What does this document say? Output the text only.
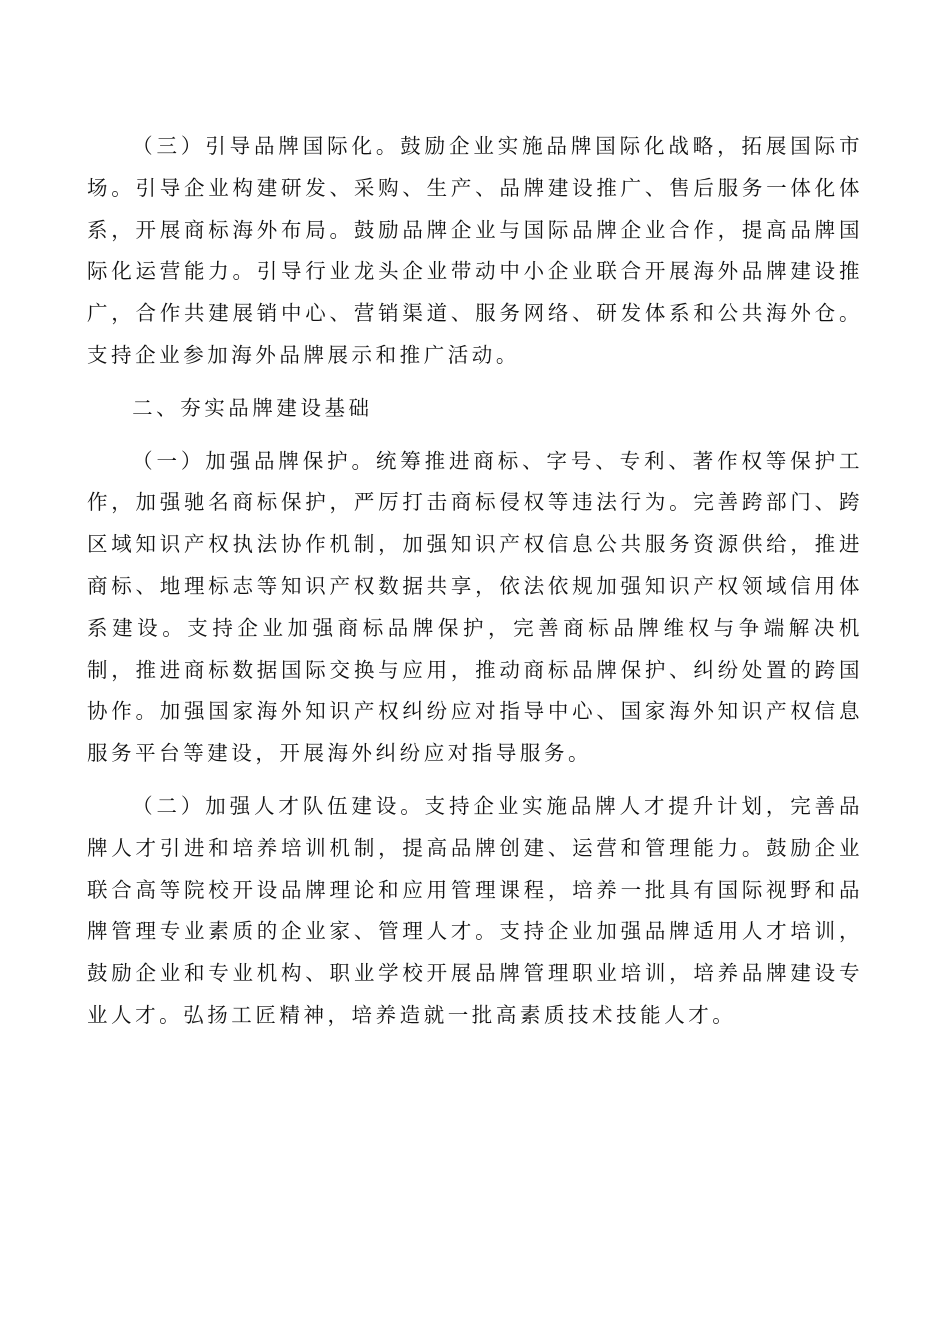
（三）引导品牌国际化。鼓励企业实施品牌国际化战略，拓展国际市场。引导企业构建研发、采购、生产、品牌建设推广、售后服务一体化体系，开展商标海外布局。鼓励品牌企业与国际品牌企业合作，提高品牌国际化运营能力。引导行业龙头企业带动中小企业联合开展海外品牌建设推广，合作共建展销中心、营销渠道、服务网络、研发体系和公共海外仓。支持企业参加海外品牌展示和推广活动。

二、夯实品牌建设基础

（一）加强品牌保护。统筹推进商标、字号、专利、著作权等保护工作，加强驰名商标保护，严厉打击商标侵权等违法行为。完善跨部门、跨区域知识产权执法协作机制，加强知识产权信息公共服务资源供给，推进商标、地理标志等知识产权数据共享，依法依规加强知识产权领域信用体系建设。支持企业加强商标品牌保护，完善商标品牌维权与争端解决机制，推进商标数据国际交换与应用，推动商标品牌保护、纠纷处置的跨国协作。加强国家海外知识产权纠纷应对指导中心、国家海外知识产权信息服务平台等建设，开展海外纠纷应对指导服务。

（二）加强人才队伍建设。支持企业实施品牌人才提升计划，完善品牌人才引进和培养培训机制，提高品牌创建、运营和管理能力。鼓励企业联合高等院校开设品牌理论和应用管理课程，培养一批具有国际视野和品牌管理专业素质的企业家、管理人才。支持企业加强品牌适用人才培训，鼓励企业和专业机构、职业学校开展品牌管理职业培训，培养品牌建设专业人才。弘扬工匠精神，培养造就一批高素质技术技能人才。
